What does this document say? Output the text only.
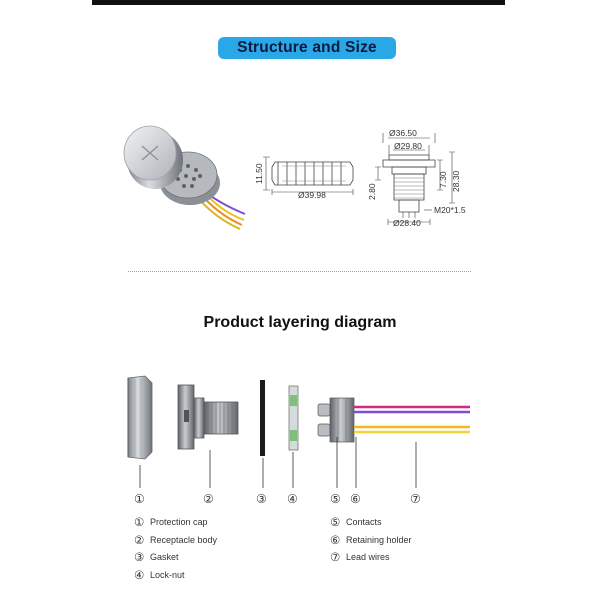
Structure and Size
11.50
Ø39.98
Ø36.50
Ø29.80
28.30
7.30
2.80
M20*1.5
Ø28.40
①	②	③ ④	⑤ ⑥	⑦
Product layering diagram
① Protection cap
② Receptacle body
③ Gasket
④ Lock-nut
⑤ Contacts
⑥ Retaining holder
⑦ Lead wires
